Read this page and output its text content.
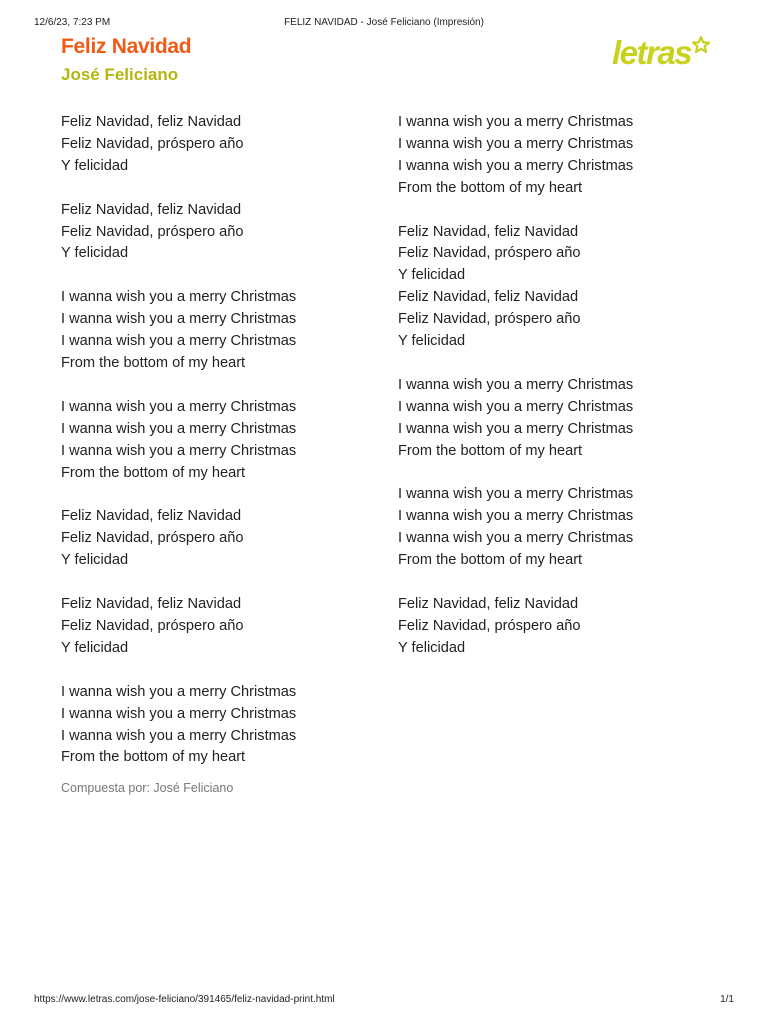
12/6/23, 7:23 PM	FELIZ NAVIDAD - José Feliciano (Impresión)
Feliz Navidad
José Feliciano
letras
Feliz Navidad, feliz Navidad
Feliz Navidad, próspero año
Y felicidad
Feliz Navidad, feliz Navidad
Feliz Navidad, próspero año
Y felicidad
I wanna wish you a merry Christmas
I wanna wish you a merry Christmas
I wanna wish you a merry Christmas
From the bottom of my heart
I wanna wish you a merry Christmas
I wanna wish you a merry Christmas
I wanna wish you a merry Christmas
From the bottom of my heart
Feliz Navidad, feliz Navidad
Feliz Navidad, próspero año
Y felicidad
Feliz Navidad, feliz Navidad
Feliz Navidad, próspero año
Y felicidad
I wanna wish you a merry Christmas
I wanna wish you a merry Christmas
I wanna wish you a merry Christmas
From the bottom of my heart
I wanna wish you a merry Christmas
I wanna wish you a merry Christmas
I wanna wish you a merry Christmas
From the bottom of my heart
Feliz Navidad, feliz Navidad
Feliz Navidad, próspero año
Y felicidad
Feliz Navidad, feliz Navidad
Feliz Navidad, próspero año
Y felicidad
I wanna wish you a merry Christmas
I wanna wish you a merry Christmas
I wanna wish you a merry Christmas
From the bottom of my heart
I wanna wish you a merry Christmas
I wanna wish you a merry Christmas
I wanna wish you a merry Christmas
From the bottom of my heart
Feliz Navidad, feliz Navidad
Feliz Navidad, próspero año
Y felicidad
Compuesta por: José Feliciano
https://www.letras.com/jose-feliciano/391465/feliz-navidad-print.html	1/1
